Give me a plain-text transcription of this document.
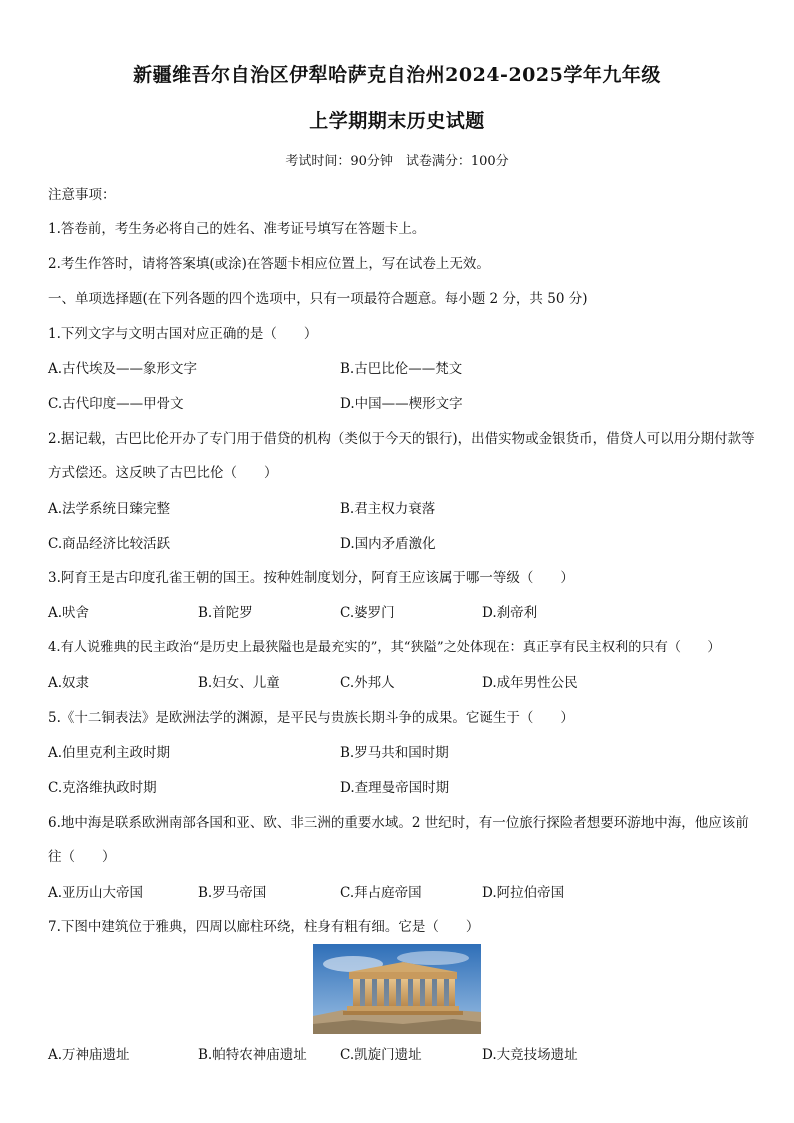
新疆维吾尔自治区伊犁哈萨克自治州2024-2025学年九年级
上学期期末历史试题
考试时间：90分钟　试卷满分：100分
注意事项：
1.答卷前，考生务必将自己的姓名、准考证号填写在答题卡上。
2.考生作答时，请将答案填(或涂)在答题卡相应位置上，写在试卷上无效。
一、单项选择题(在下列各题的四个选项中，只有一项最符合题意。每小题 2 分，共 50 分)
1.下列文字与文明古国对应正确的是（　　）
A.古代埃及——象形文字	B.古巴比伦——梵文
C.古代印度——甲骨文	D.中国——楔形文字
2.据记载，古巴比伦开办了专门用于借贷的机构（类似于今天的银行)，出借实物或金银货币，借贷人可以用分期付款等方式偿还。这反映了古巴比伦（　　）
A.法学系统日臻完整	B.君主权力衰落
C.商品经济比较活跃	D.国内矛盾激化
3.阿育王是古印度孔雀王朝的国王。按种姓制度划分，阿育王应该属于哪一等级（　　）
A.吠舍	B.首陀罗	C.婆罗门	D.刹帝利
4.有人说雅典的民主政治“是历史上最狭隘也是最充实的”，其“狭隘”之处体现在：真正享有民主权利的只有（　　）
A.奴隶	B.妇女、儿童	C.外邦人	D.成年男性公民
5.《十二铜表法》是欧洲法学的渊源，是平民与贵族长期斗争的成果。它诞生于（　　）
A.伯里克利主政时期	B.罗马共和国时期
C.克洛维执政时期	D.查理曼帝国时期
6.地中海是联系欧洲南部各国和亚、欧、非三洲的重要水域。2 世纪时，有一位旅行探险者想要环游地中海，他应该前往（　　）
A.亚历山大帝国	B.罗马帝国	C.拜占庭帝国	D.阿拉伯帝国
7.下图中建筑位于雅典，四周以廊柱环绕，柱身有粗有细。它是（　　）
A.万神庙遗址	B.帕特农神庙遗址 C.凯旋门遗址	D.大竞技场遗址
